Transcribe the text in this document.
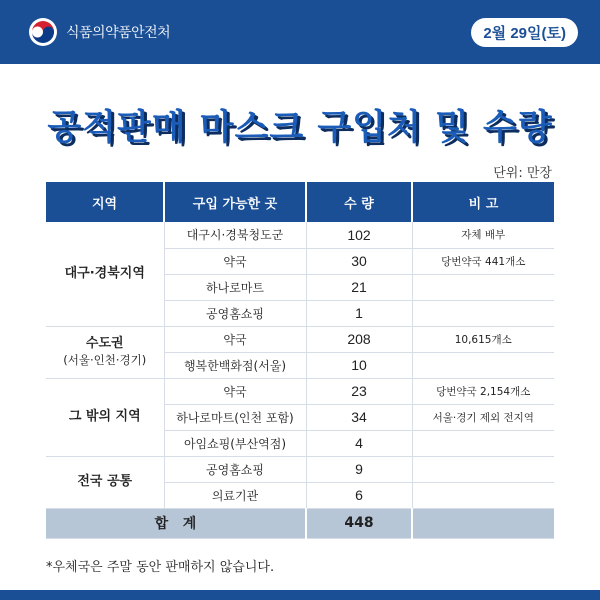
식품의약품안전처	2월 29일(토)
공적판매 마스크 구입처 및 수량
단위: 만장
지역	구입 가능한 곳	수 량	비 고

대구·경북지역	대구시·경북청도군	102	자체 배부
	약국	30	당번약국 441개소
	하나로마트	21	
	공영홈쇼핑	1	

수도권
(서울·인천·경기)	약국	208	10,615개소
	행복한백화점(서울)	10	

그 밖의 지역	약국	23	당번약국 2,154개소
	하나로마트(인천 포함)	34	서울·경기 제외 전지역
	아임쇼핑(부산역점)	4	

전국 공통	공영홈쇼핑	9	
	의료기관	6	
합   계		448	
*우체국은 주말 동안 판매하지 않습니다.
